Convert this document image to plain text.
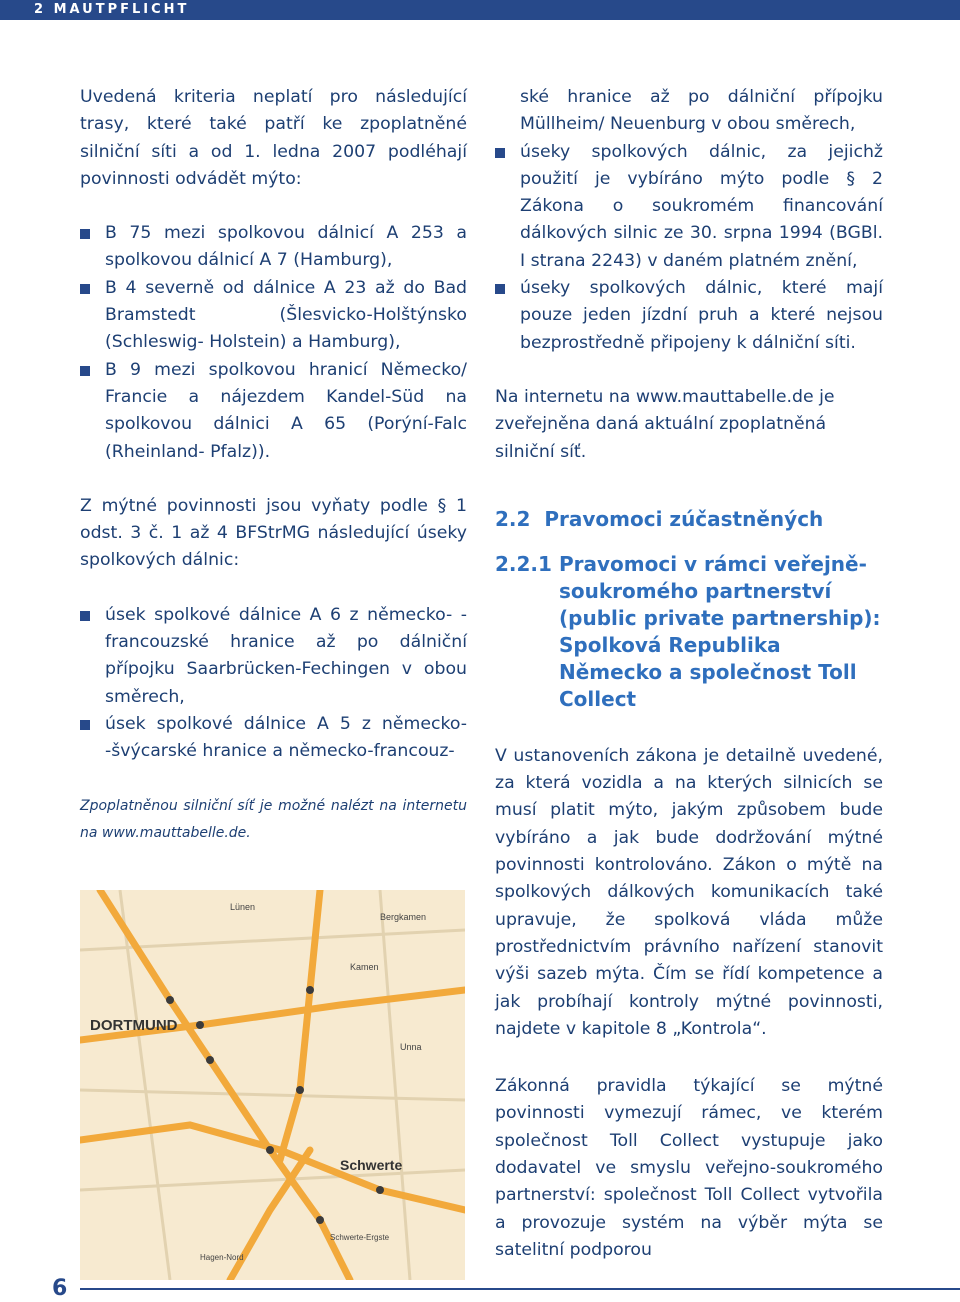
2 MAUTPFLICHT

Uvedená kriteria neplatí pro následující trasy, které také patří ke zpoplatněné silniční síti a od 1. ledna 2007 podléhají povinnosti odvádět mýto:

B 75 mezi spolkovou dálnicí A 253 a spolkovou dálnicí A 7 (Hamburg),
B 4 severně od dálnice A 23 až do Bad Bramstedt (Šlesvicko-Holštýnsko (Schleswig- Holstein) a Hamburg),
B 9 mezi spolkovou hranicí Německo/ Francie a nájezdem Kandel-Süd na spolkovou dálnici A 65 (Porýní-Falc (Rheinland- Pfalz)).

Z mýtné povinnosti jsou vyňaty podle § 1 odst. 3 č. 1 až 4 BFStrMG následující úseky spolkových dálnic:

úsek spolkové dálnice A 6 z německo- -francouzské hranice až po dálniční přípojku Saarbrücken-Fechingen v obou směrech,
úsek spolkové dálnice A 5 z německo- -švýcarské hranice a německo-francouz-

Zpoplatněnou silniční síť je možné nalézt na internetu na www.mauttabelle.de.

DORTMUND
Schwerte
Lünen
Bergkamen
Kamen
Unna
Schwerte-Ergste
Hagen-Nord

ské hranice až po dálniční přípojku Müllheim/ Neuenburg v obou směrech,

úseky spolkových dálnic, za jejichž použití je vybíráno mýto podle § 2 Zákona o soukromém financování dálkových silnic ze 30. srpna 1994 (BGBl. I strana 2243) v daném platném znění,
úseky spolkových dálnic, které mají pouze jeden jízdní pruh a které nejsou bezprostředně připojeny k dálniční síti.

Na internetu na www.mauttabelle.de je zveřejněna daná aktuální zpoplatněná silniční síť.

2.2 Pravomoci zúčastněných

2.2.1 Pravomoci v rámci veřejně-soukromého partnerství (public private partnership): Spolková Republika Německo a společnost Toll Collect

V ustanoveních zákona je detailně uvedené, za která vozidla a na kterých silnicích se musí platit mýto, jakým způsobem bude vybíráno a jak bude dodržování mýtné povinnosti kontrolováno. Zákon o mýtě na spolkových dálkových komunikacích také upravuje, že spolková vláda může prostřednictvím právního nařízení stanovit výši sazeb mýta. Čím se řídí kompetence a jak probíhají kontroly mýtné povinnosti, najdete v kapitole 8 „Kontrola“.

Zákonná pravidla týkající se mýtné povinnosti vymezují rámec, ve kterém společnost Toll Collect vystupuje jako dodavatel ve smyslu veřejno-soukromého partnerství: společnost Toll Collect vytvořila a provozuje systém na výběr mýta se satelitní podporou

6
